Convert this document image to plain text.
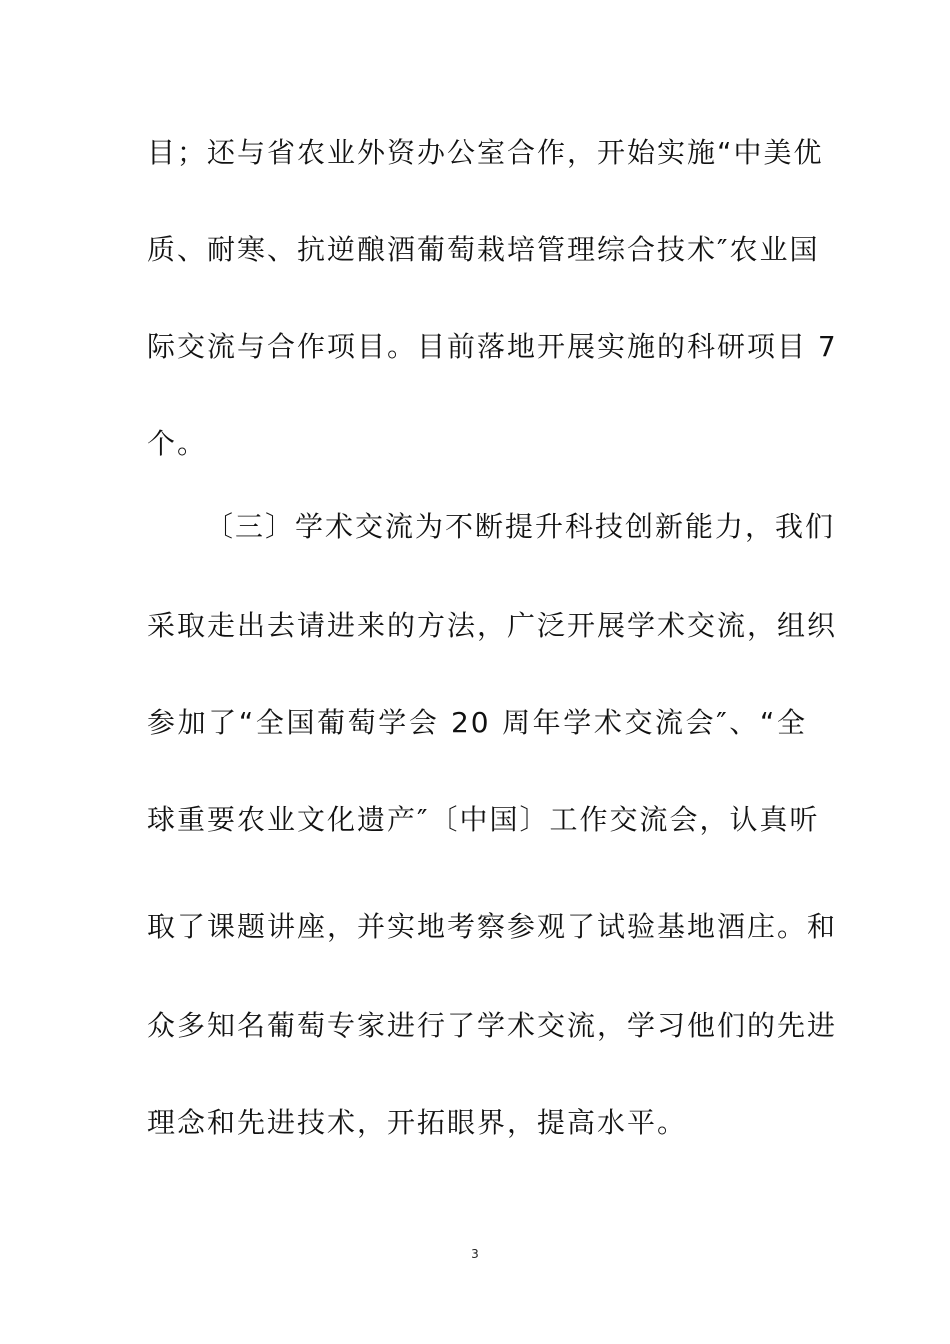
目；还与省农业外资办公室合作，开始实施“中美优
质、耐寒、抗逆酿酒葡萄栽培管理综合技术″农业国
际交流与合作项目。目前落地开展实施的科研项目 7
个。
〔三〕学术交流为不断提升科技创新能力，我们
采取走出去请进来的方法，广泛开展学术交流，组织
参加了“全国葡萄学会 20 周年学术交流会″、“全
球重要农业文化遗产″〔中国〕工作交流会，认真听
取了课题讲座，并实地考察参观了试验基地酒庄。和
众多知名葡萄专家进行了学术交流，学习他们的先进
理念和先进技术，开拓眼界，提高水平。
3
